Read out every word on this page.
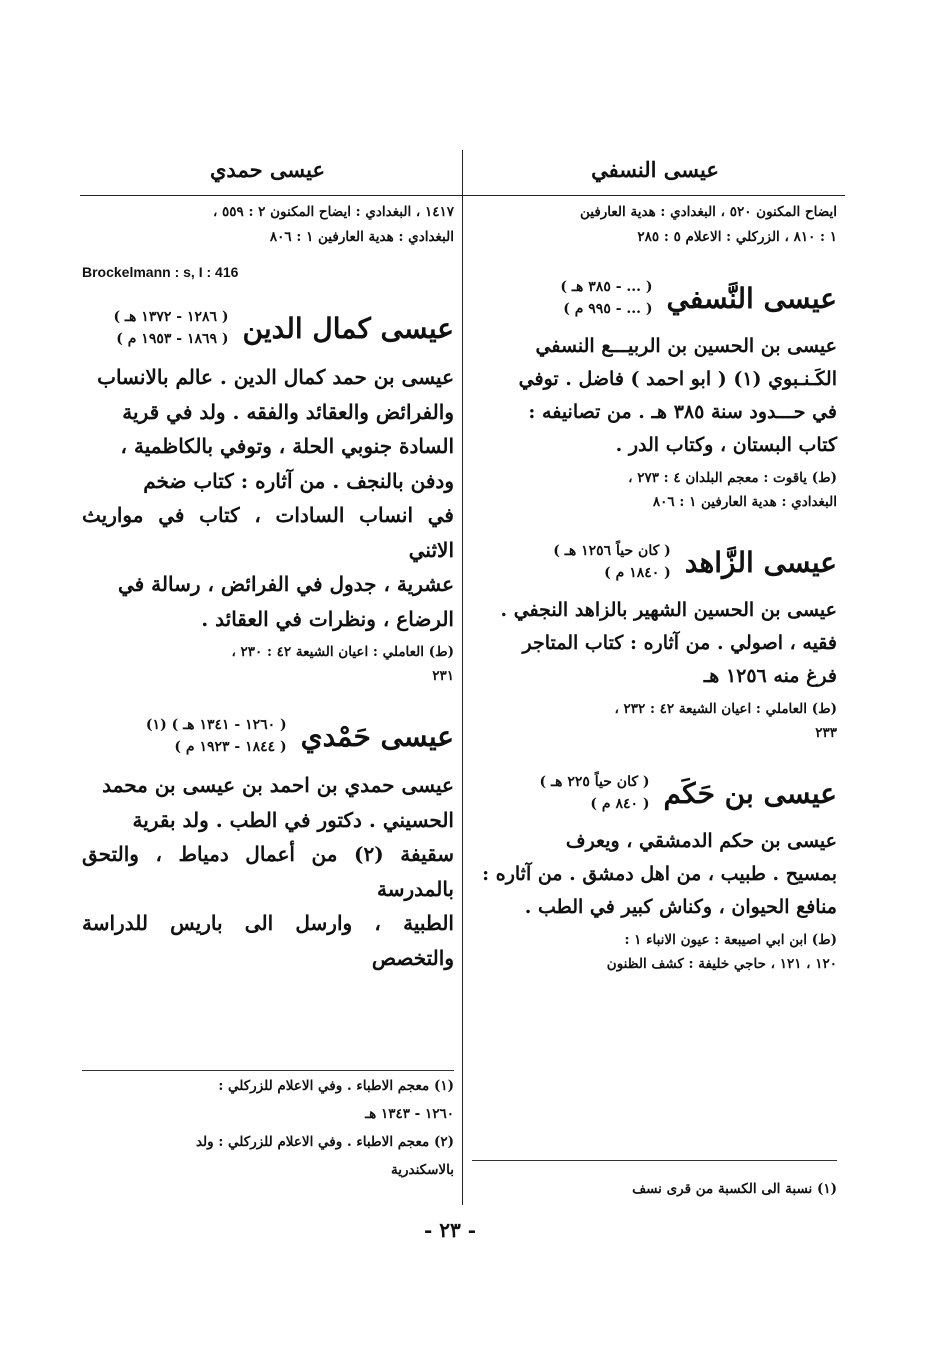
عيسى النسفي
عيسى حمدي
ايضاح المكنون ٥٢٠ ، البغدادي : هدية العارفين
١ : ٨١٠ ، الزركلي : الاعلام ٥ : ٢٨٥
عيسى النَّسفي
( ... - ٣٨٥ هـ )
( ... - ٩٩٥ م )
عيسى بن الحسين بن الربيـــع النسفي
الكَـنـبوي (١) ( ابو احمد ) فاضل . توفي
في حـــدود سنة ٣٨٥ هـ . من تصانيفه :
كتاب البستان ، وكتاب الدر .
(ط) ياقوت : معجم البلدان ٤ : ٢٧٣ ،
البغدادي : هدية العارفين ١ : ٨٠٦
عيسى الزَّاهد
( كان حياً ١٢٥٦ هـ )
( ١٨٤٠ م )
عيسى بن الحسين الشهير بالزاهد النجفي .
فقيه ، اصولي . من آثاره : كتاب المتاجر
فرغ منه ١٢٥٦ هـ
(ط) العاملي : اعيان الشيعة ٤٢ : ٢٣٢ ،
٢٣٣
عيسى بن حَكَم
( كان حياً ٢٢٥ هـ )
( ٨٤٠ م )
عيسى بن حكم الدمشقي ، ويعرف
بمسيح . طبيب ، من اهل دمشق . من آثاره :
منافع الحيوان ، وكناش كبير في الطب .
(ط) ابن ابي اصيبعة : عيون الانباء ١ :
١٢٠ ، ١٢١ ، حاجي خليفة : كشف الظنون
١٤١٧ ، البغدادي : ايضاح المكنون ٢ : ٥٥٩ ،
البغدادي : هدية العارفين ١ : ٨٠٦
Brockelmann : s, I : 416
عيسى كمال الدين
( ١٢٨٦ - ١٣٧٢ هـ )
( ١٨٦٩ - ١٩٥٣ م )
عيسى بن حمد كمال الدين . عالم بالانساب
والفرائض والعقائد والفقه . ولد في قرية
السادة جنوبي الحلة ، وتوفي بالكاظمية ،
ودفن بالنجف . من آثاره : كتاب ضخم
في انساب السادات ، كتاب في مواريث الاثني
عشرية ، جدول في الفرائض ، رسالة في
الرضاع ، ونظرات في العقائد .
(ط) العاملي : اعيان الشيعة ٤٢ : ٢٣٠ ،
٢٣١
عيسى حَمْدي
( ١٢٦٠ - ١٣٤١ هـ ) (١)
( ١٨٤٤ - ١٩٢٣ م )
عيسى حمدي بن احمد بن عيسى بن محمد
الحسيني . دكتور في الطب . ولد بقرية
سقيفة (٢) من أعمال دمياط ، والتحق بالمدرسة
الطبية ، وارسل الى باريس للدراسة والتخصص
(١) معجم الاطباء . وفي الاعلام للزركلي :
١٢٦٠ - ١٣٤٣ هـ
(٢) معجم الاطباء . وفي الاعلام للزركلي : ولد
بالاسكندرية
(١) نسبة الى الكسبة من قرى نسف
- ٢٣ -
